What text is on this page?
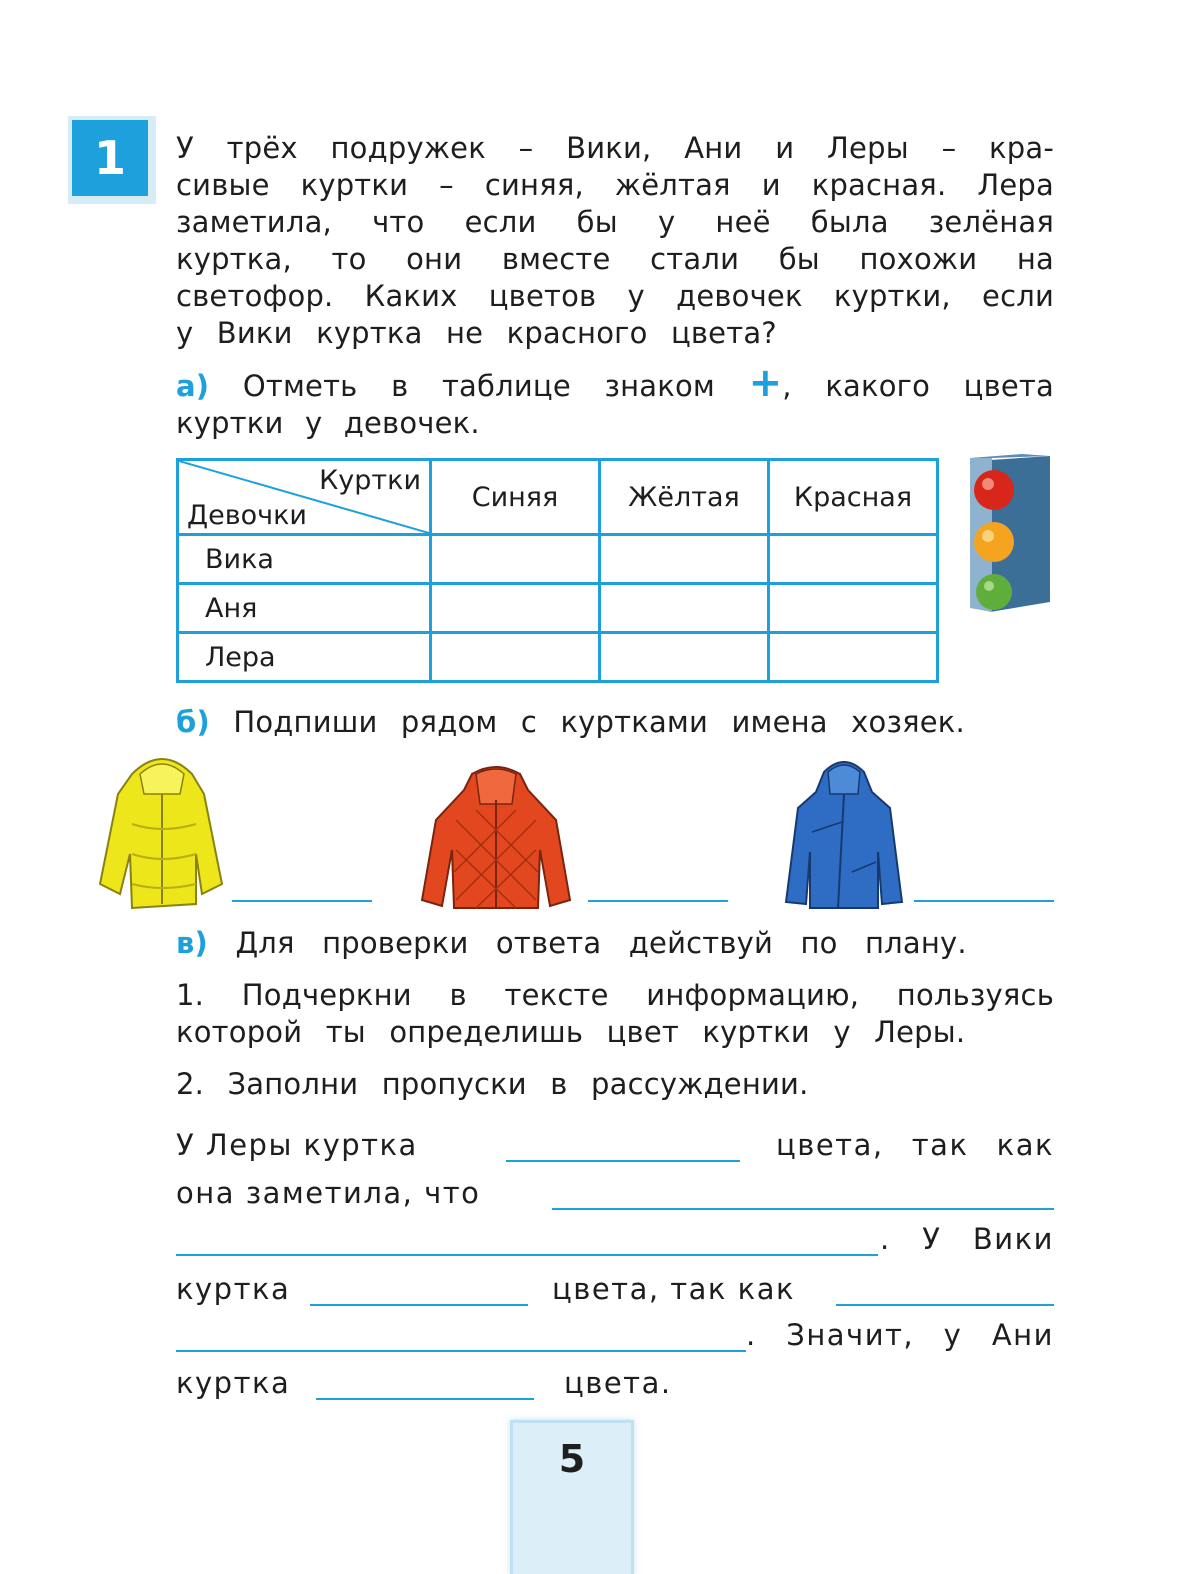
1	У трёх подружек – Вики, Ани и Леры – кра-
сивые куртки – синяя, жёлтая и красная. Лера
заметила, что если бы у неё была зелёная
куртка, то они вместе стали бы похожи на
светофор. Каких цветов у девочек куртки, если
у Вики куртка не красного цвета?
а) Отметь в таблице знаком +, какого цвета
куртки у девочек.
Куртки
Девочки	Синяя	Жёлтая	Красная
Вика			
Аня			
Лера			
б) Подпиши рядом с куртками имена хозяек.
в) Для проверки ответа действуй по плану.
1. Подчеркни в тексте информацию, пользуясь
которой ты определишь цвет куртки у Леры.
2. Заполни пропуски в рассуждении.
У Леры куртка	цвета, так как
она заметила, что
. У Вики
куртка	цвета, так как
. Значит, у Ани
куртка	цвета.
5
